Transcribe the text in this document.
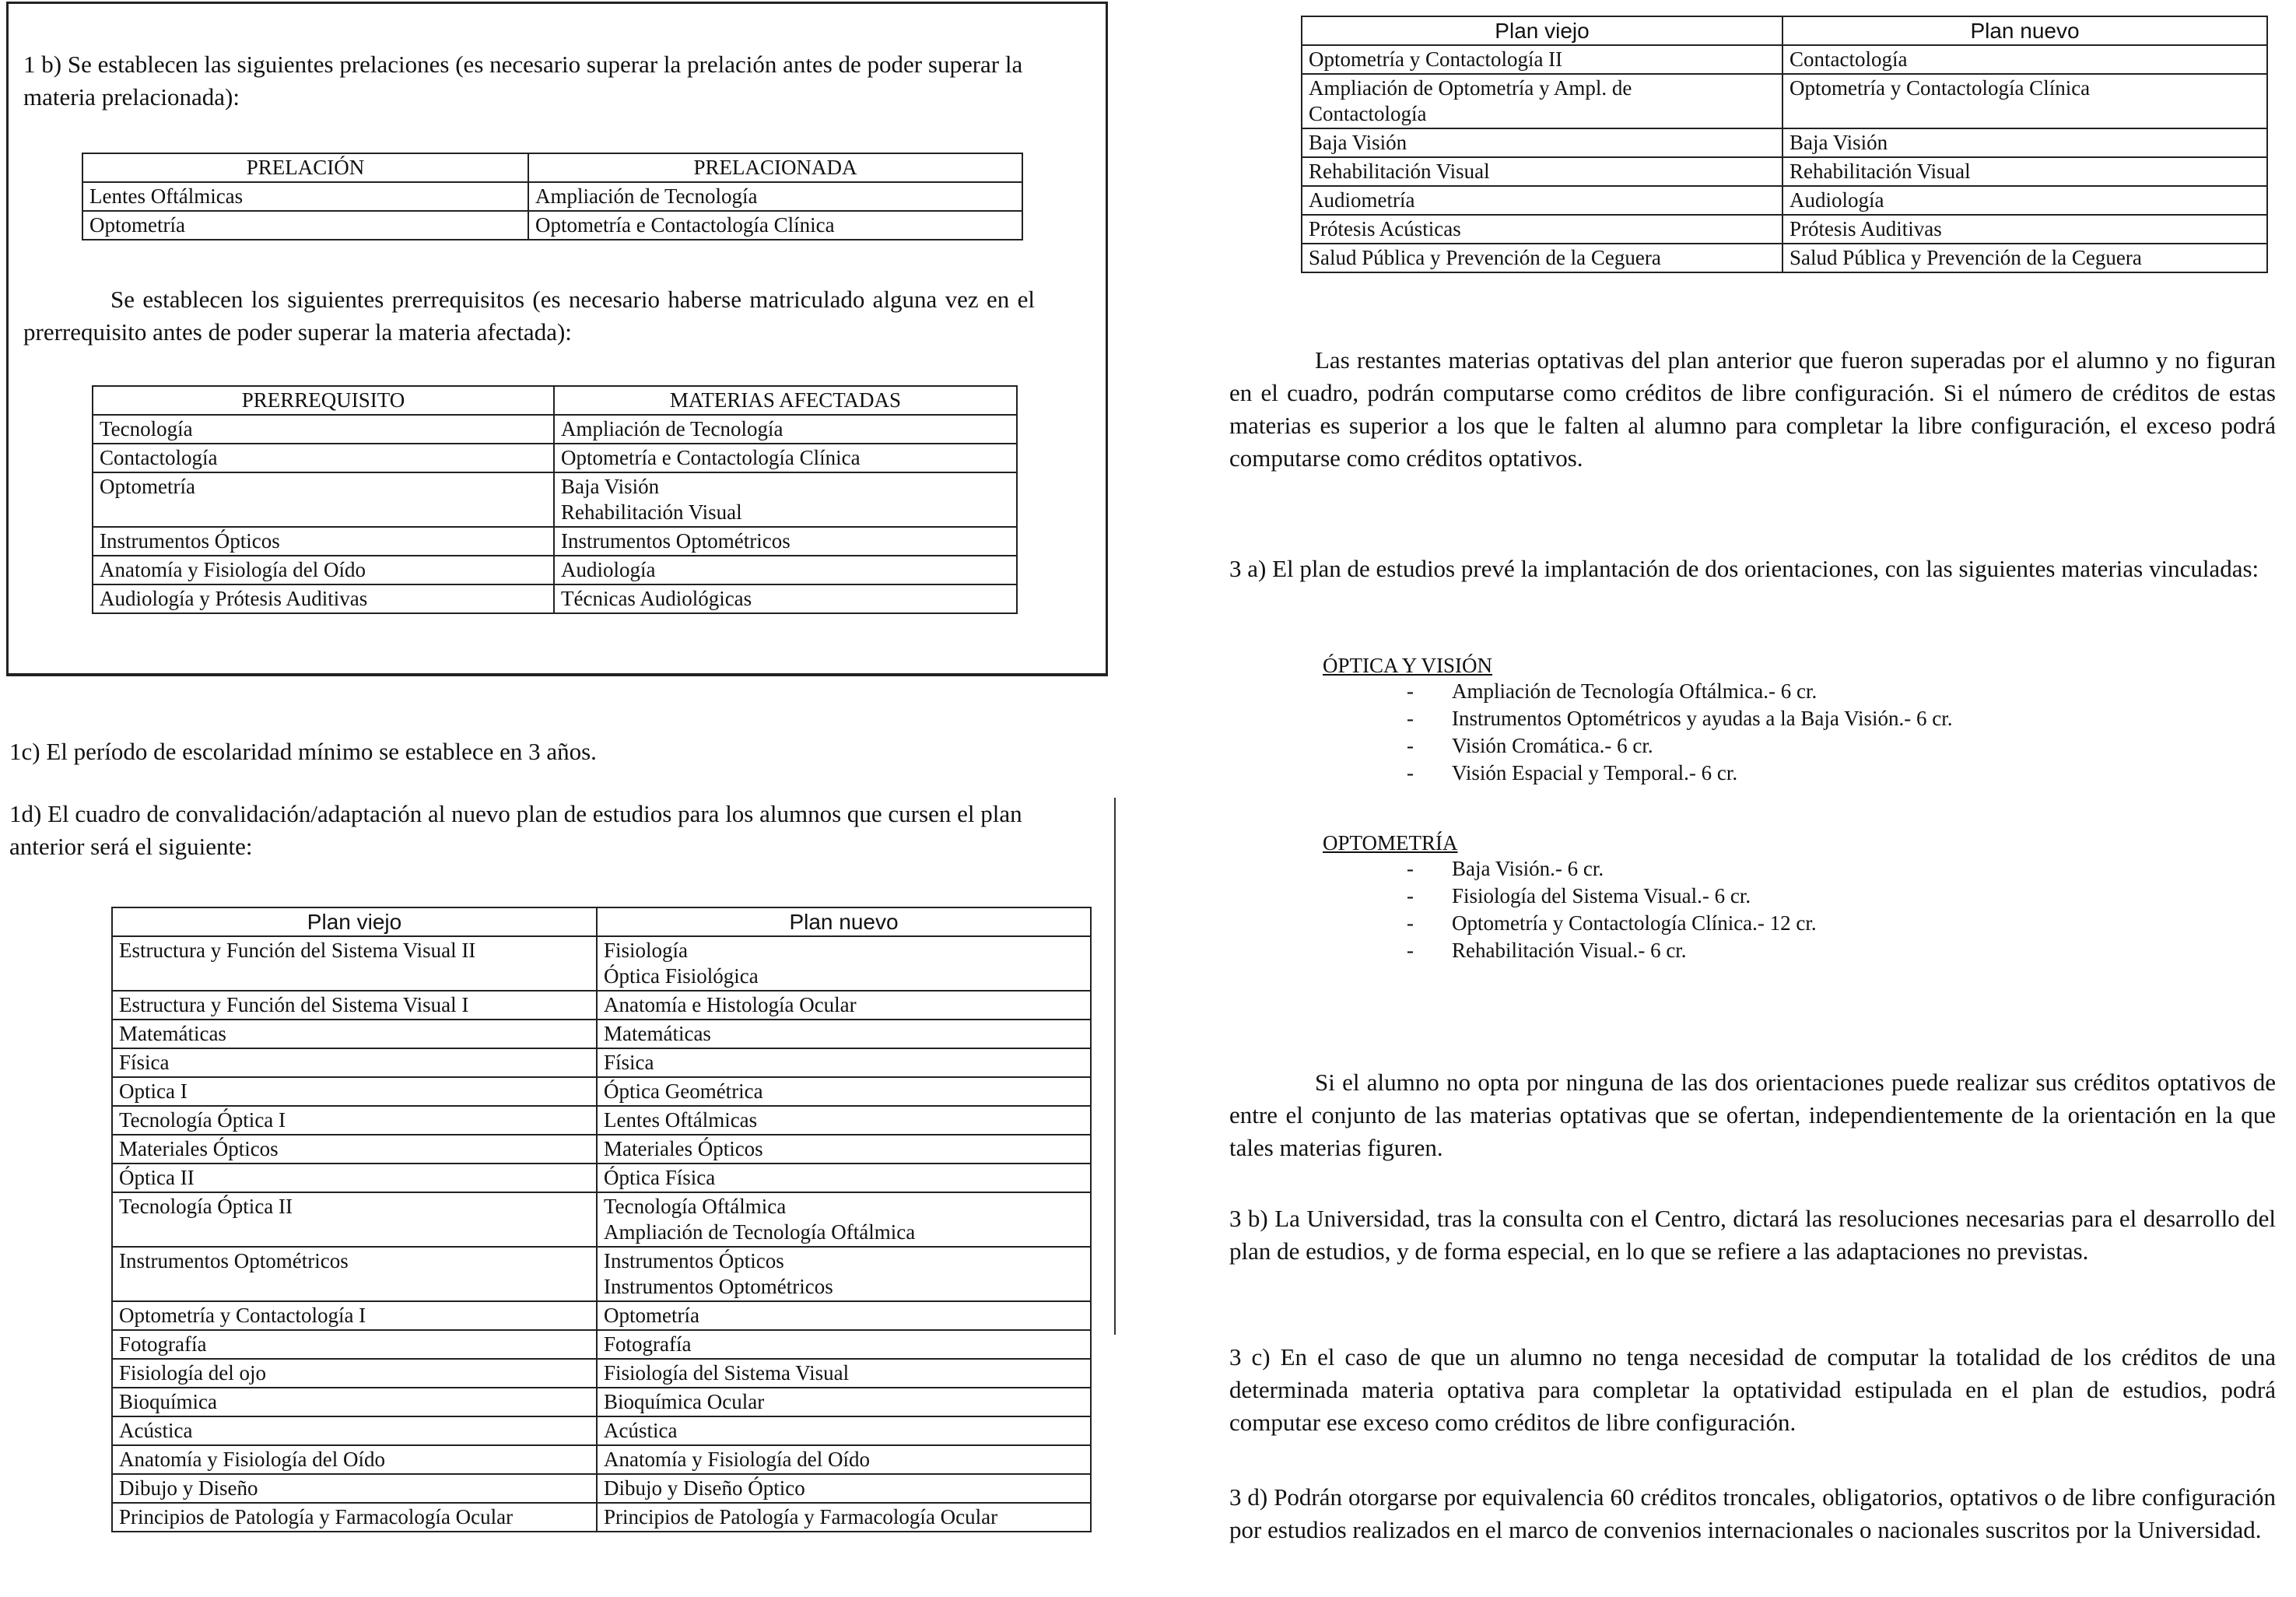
1 b) Se establecen las siguientes prelaciones (es necesario superar la prelación antes de poder superar la materia prelacionada):

PRELACIÓN	PRELACIONADA
Lentes Oftálmicas	Ampliación de Tecnología
Optometría	Optometría e Contactología Clínica

Se establecen los siguientes prerrequisitos (es necesario haberse matriculado alguna vez en el prerrequisito antes de poder superar la materia afectada):

PRERREQUISITO	MATERIAS AFECTADAS
Tecnología	Ampliación de Tecnología
Contactología	Optometría e Contactología Clínica
Optometría	Baja Visión
Rehabilitación Visual

Instrumentos Ópticos	Instrumentos Optométricos
Anatomía y Fisiología del Oído	Audiología
Audiología y Prótesis Auditivas	Técnicas Audiológicas

1c) El período de escolaridad mínimo se establece en 3 años.

1d) El cuadro de convalidación/adaptación al nuevo plan de estudios para los alumnos que cursen el plan anterior será el siguiente:

Plan viejo	Plan nuevo
Estructura y Función del Sistema Visual II	Fisiología
Óptica Fisiológica

Estructura y Función del Sistema Visual I	Anatomía e Histología Ocular

Matemáticas	Matemáticas

Física	Física

Optica I	Óptica Geométrica

Tecnología Óptica I	Lentes Oftálmicas

Materiales Ópticos	Materiales Ópticos

Óptica II	Óptica Física

Tecnología Óptica II	Tecnología Oftálmica
Ampliación de Tecnología Oftálmica

Instrumentos Optométricos	Instrumentos Ópticos
Instrumentos Optométricos

Optometría y Contactología I	Optometría

Fotografía	Fotografía

Fisiología del ojo	Fisiología del Sistema Visual

Bioquímica	Bioquímica Ocular

Acústica	Acústica

Anatomía y Fisiología del Oído	Anatomía y Fisiología del Oído

Dibujo y Diseño	Dibujo y Diseño Óptico

Principios de Patología y Farmacología Ocular	Principios de Patología y Farmacología Ocular
Plan viejo	Plan nuevo

Optometría y Contactología II	Contactología

Ampliación de Optometría y Ampl. de
Contactología	Optometría y Contactología Clínica

Baja Visión	Baja Visión

Rehabilitación Visual	Rehabilitación Visual

Audiometría	Audiología

Prótesis Acústicas	Prótesis Auditivas

Salud Pública y Prevención de la Ceguera	Salud Pública y Prevención de la Ceguera

Las restantes materias optativas del plan anterior que fueron superadas por el alumno y no figuran en el cuadro, podrán computarse como créditos de libre configuración. Si el número de créditos de estas materias es superior a los que le falten al alumno para completar la libre configuración, el exceso podrá computarse como créditos optativos.

3 a) El plan de estudios prevé la implantación de dos orientaciones, con las siguientes materias vinculadas:

ÓPTICA Y VISIÓN
- Ampliación de Tecnología Oftálmica.- 6 cr.
- Instrumentos Optométricos y ayudas a la Baja Visión.- 6 cr.
- Visión Cromática.- 6 cr.
- Visión Espacial y Temporal.- 6 cr.
OPTOMETRÍA
- Baja Visión.- 6 cr.
- Fisiología del Sistema Visual.- 6 cr.
- Optometría y Contactología Clínica.- 12 cr.
- Rehabilitación Visual.- 6 cr.

Si el alumno no opta por ninguna de las dos orientaciones puede realizar sus créditos optativos de entre el conjunto de las materias optativas que se ofertan, independientemente de la orientación en la que tales materias figuren.

3 b) La Universidad, tras la consulta con el Centro, dictará las resoluciones necesarias para el desarrollo del plan de estudios, y de forma especial, en lo que se refiere a las adaptaciones no previstas.

3 c) En el caso de que un alumno no tenga necesidad de computar la totalidad de los créditos de una determinada materia optativa para completar la optatividad estipulada en el plan de estudios, podrá computar ese exceso como créditos de libre configuración.

3 d) Podrán otorgarse por equivalencia 60 créditos troncales, obligatorios, optativos o de libre configuración por estudios realizados en el marco de convenios internacionales o nacionales suscritos por la Universidad.
